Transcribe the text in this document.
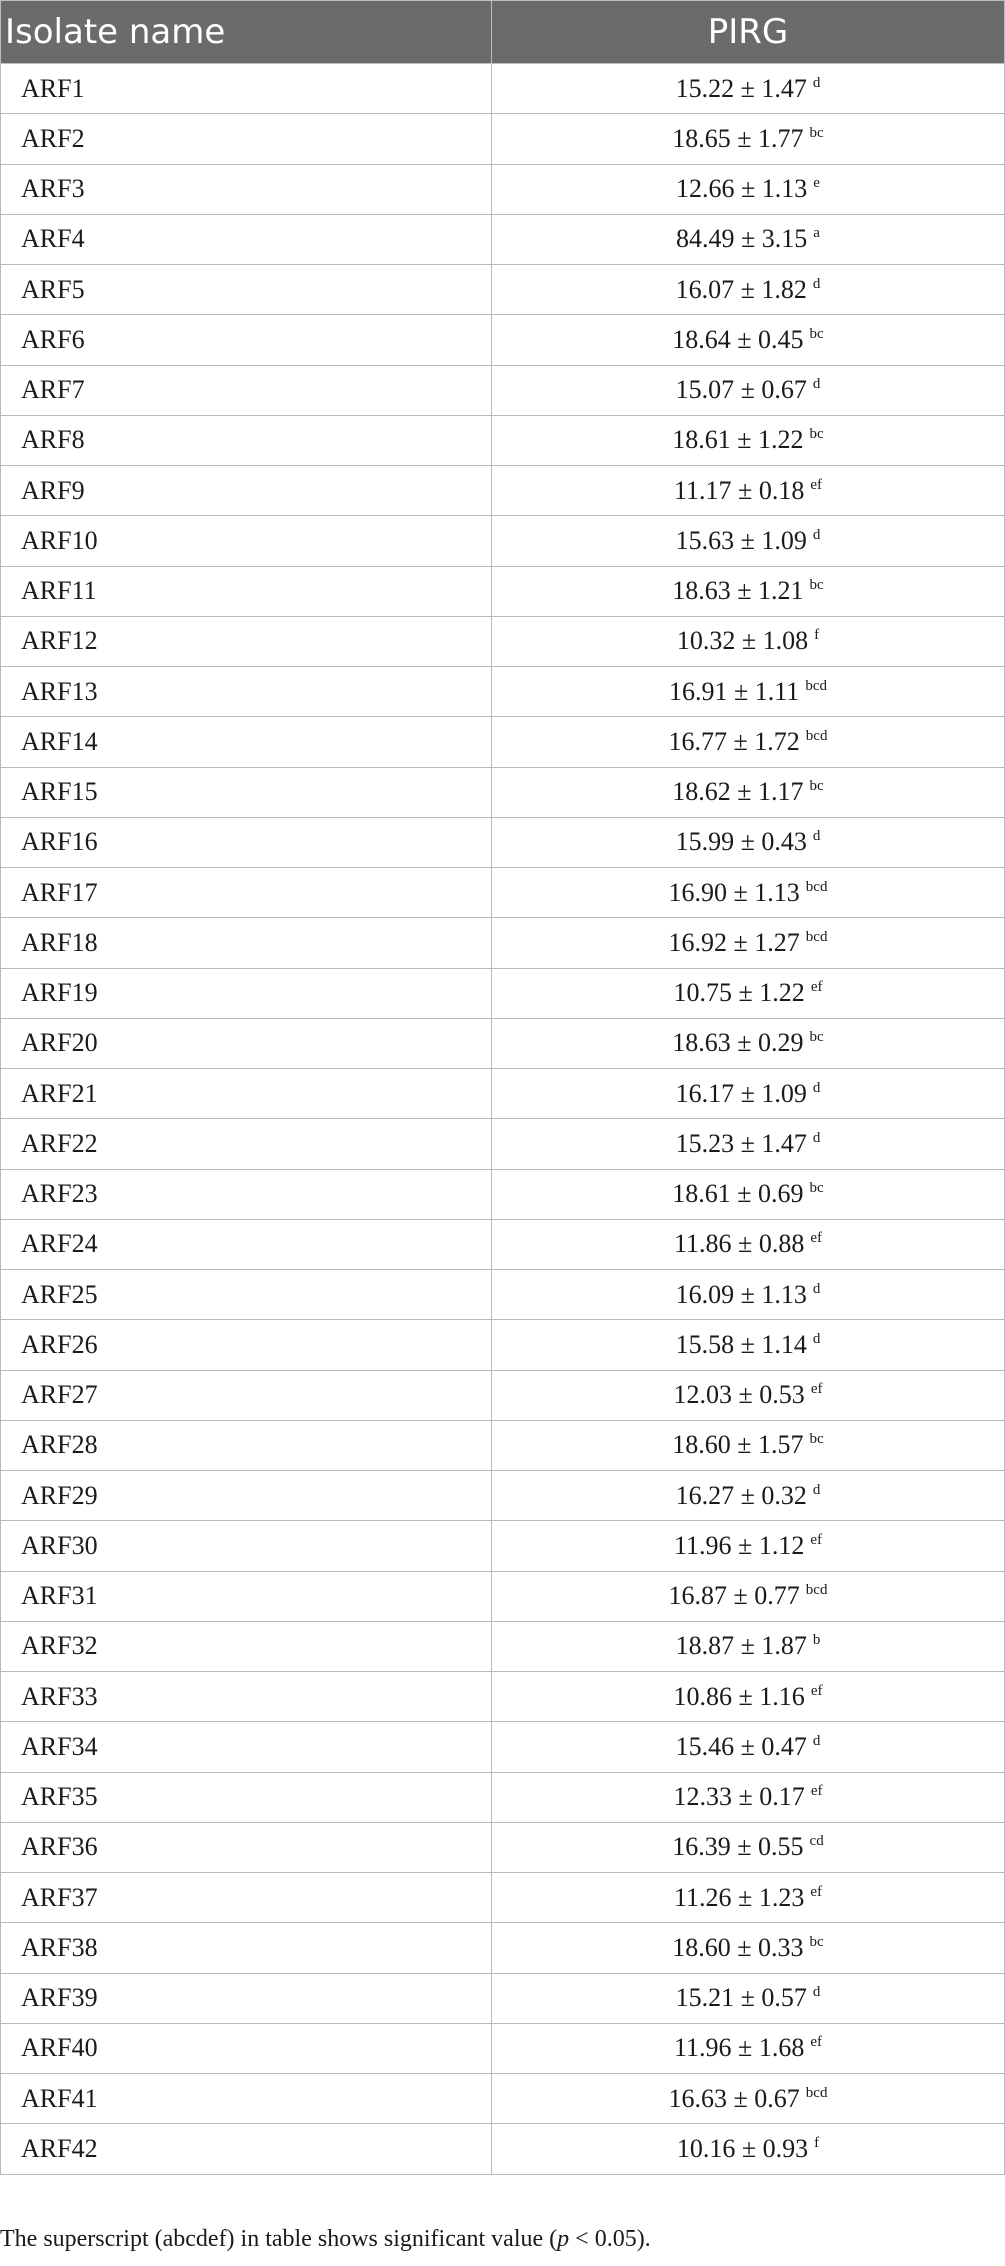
Isolate name	PIRG
ARF1	15.22 ± 1.47 $^d$
ARF2	18.65 ± 1.77 $^{bc}$
ARF3	12.66 ± 1.13 $^e$
ARF4	84.49 ± 3.15 $^a$
ARF5	16.07 ± 1.82 $^d$
ARF6	18.64 ± 0.45 $^{bc}$
ARF7	15.07 ± 0.67 $^d$
ARF8	18.61 ± 1.22 $^{bc}$
ARF9	11.17 ± 0.18 $^{ef}$
ARF10	15.63 ± 1.09 $^d$
ARF11	18.63 ± 1.21 $^{bc}$
ARF12	10.32 ± 1.08 $^f$
ARF13	16.91 ± 1.11 $^{bcd}$
ARF14	16.77 ± 1.72 $^{bcd}$
ARF15	18.62 ± 1.17 $^{bc}$
ARF16	15.99 ± 0.43 $^d$
ARF17	16.90 ± 1.13 $^{bcd}$
ARF18	16.92 ± 1.27 $^{bcd}$
ARF19	10.75 ± 1.22 $^{ef}$
ARF20	18.63 ± 0.29 $^{bc}$
ARF21	16.17 ± 1.09 $^d$
ARF22	15.23 ± 1.47 $^d$
ARF23	18.61 ± 0.69 $^{bc}$
ARF24	11.86 ± 0.88 $^{ef}$
ARF25	16.09 ± 1.13 $^d$
ARF26	15.58 ± 1.14 $^d$
ARF27	12.03 ± 0.53 $^{ef}$
ARF28	18.60 ± 1.57 $^{bc}$
ARF29	16.27 ± 0.32 $^d$
ARF30	11.96 ± 1.12 $^{ef}$
ARF31	16.87 ± 0.77 $^{bcd}$
ARF32	18.87 ± 1.87 $^b$
ARF33	10.86 ± 1.16 $^{ef}$
ARF34	15.46 ± 0.47 $^d$
ARF35	12.33 ± 0.17 $^{ef}$
ARF36	16.39 ± 0.55 $^{cd}$
ARF37	11.26 ± 1.23 $^{ef}$
ARF38	18.60 ± 0.33 $^{bc}$
ARF39	15.21 ± 0.57 $^d$
ARF40	11.96 ± 1.68 $^{ef}$
ARF41	16.63 ± 0.67 $^{bcd}$
ARF42	10.16 ± 0.93 $^f$
The superscript (abcdef) in table shows significant value (p < 0.05).
